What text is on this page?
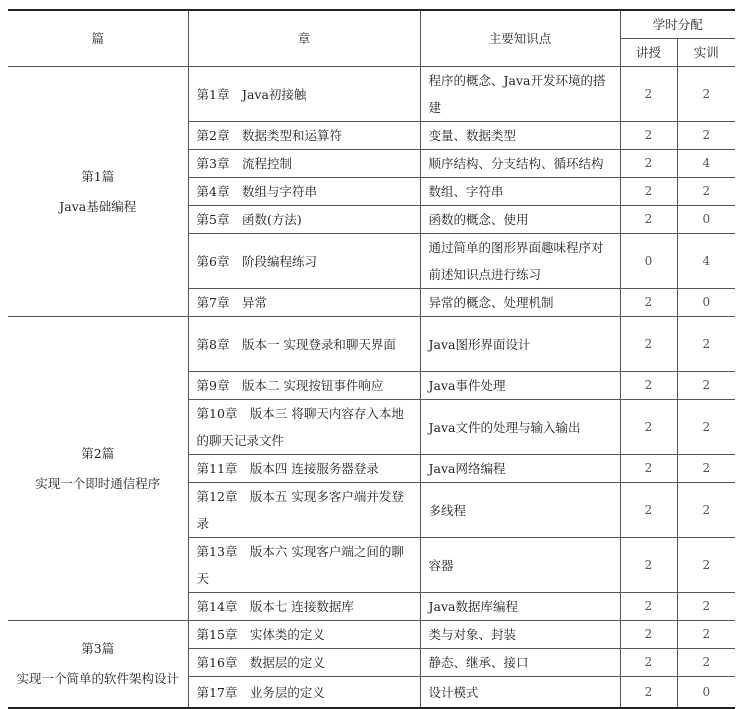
篇	章	主要知识点	学时分配	
			讲授	实训

第1篇
Java基础编程	第1章　Java初接触	程序的概念、Java开发环境的搭建	2	2
	第2章　数据类型和运算符	变量、数据类型	2	2
	第3章　流程控制	顺序结构、分支结构、循环结构	2	4
	第4章　数组与字符串	数组、字符串	2	2
	第5章　函数(方法)	函数的概念、使用	2	0
	第6章　阶段编程练习	通过简单的图形界面趣味程序对前述知识点进行练习	0	4
	第7章　异常	异常的概念、处理机制	2	0

第2篇
实现一个即时通信程序	第8章　版本一 实现登录和聊天界面	Java图形界面设计	2	2
	第9章　版本二 实现按钮事件响应	Java事件处理	2	2
	第10章　版本三 将聊天内容存入本地的聊天记录文件	Java文件的处理与输入输出	2	2
	第11章　版本四 连接服务器登录	Java网络编程	2	2
	第12章　版本五 实现多客户端并发登录	多线程	2	2
	第13章　版本六 实现客户端之间的聊天	容器	2	2
	第14章　版本七 连接数据库	Java数据库编程	2	2

第3篇
实现一个简单的软件架构设计	第15章　实体类的定义	类与对象、封装	2	2
	第16章　数据层的定义	静态、继承、接口	2	2
	第17章　业务层的定义	设计模式	2	0
